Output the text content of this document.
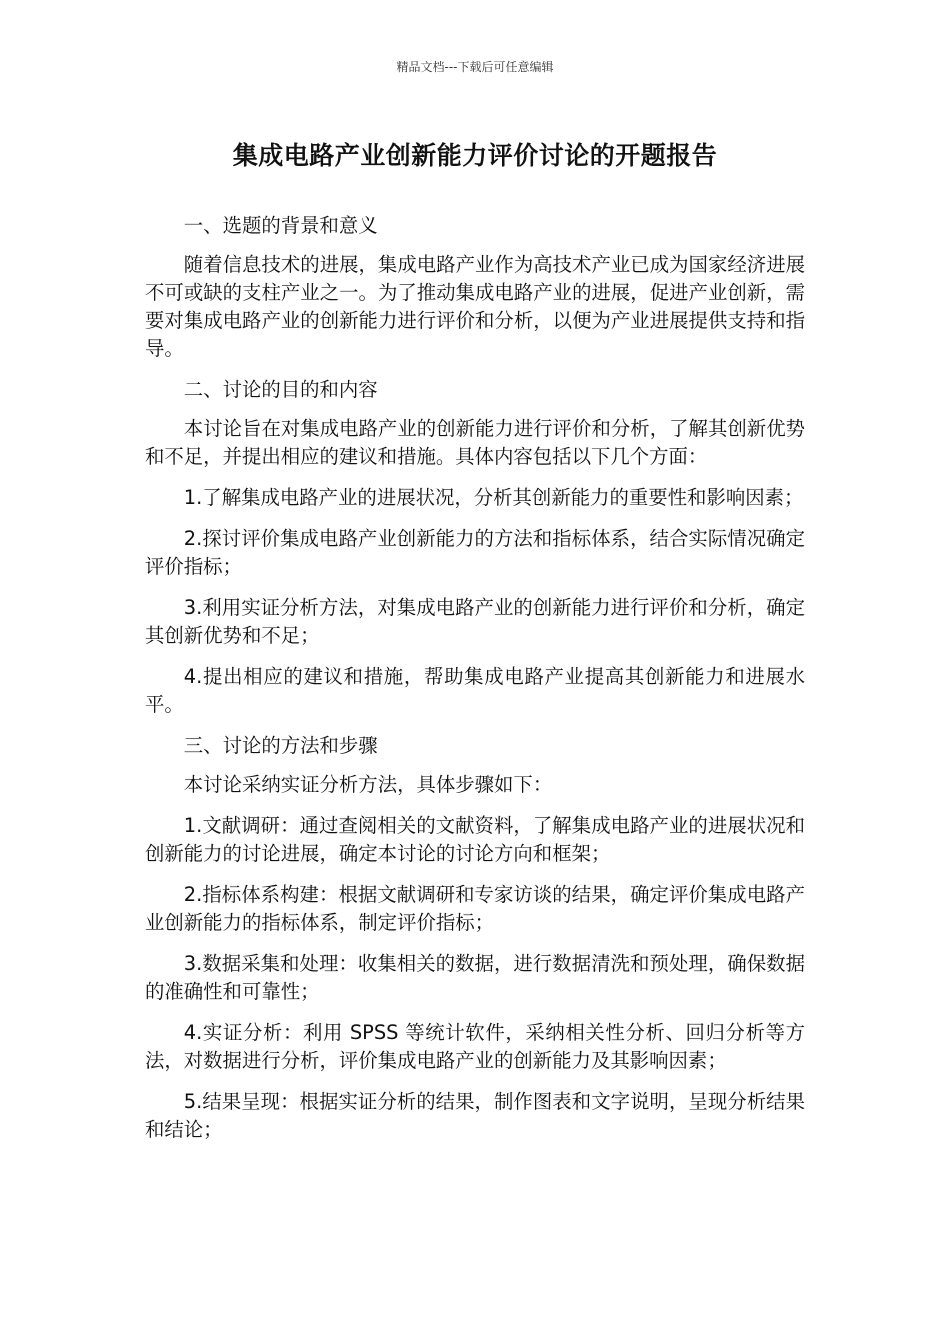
精品文档---下载后可任意编辑
集成电路产业创新能力评价讨论的开题报告

一、选题的背景和意义

随着信息技术的进展，集成电路产业作为高技术产业已成为国家经济进展不可或缺的支柱产业之一。为了推动集成电路产业的进展，促进产业创新，需要对集成电路产业的创新能力进行评价和分析，以便为产业进展提供支持和指导。

二、讨论的目的和内容

本讨论旨在对集成电路产业的创新能力进行评价和分析，了解其创新优势和不足，并提出相应的建议和措施。具体内容包括以下几个方面：

1.了解集成电路产业的进展状况，分析其创新能力的重要性和影响因素；

2.探讨评价集成电路产业创新能力的方法和指标体系，结合实际情况确定评价指标；

3.利用实证分析方法，对集成电路产业的创新能力进行评价和分析，确定其创新优势和不足；

4.提出相应的建议和措施，帮助集成电路产业提高其创新能力和进展水平。

三、讨论的方法和步骤

本讨论采纳实证分析方法，具体步骤如下：

1.文献调研：通过查阅相关的文献资料，了解集成电路产业的进展状况和创新能力的讨论进展，确定本讨论的讨论方向和框架；

2.指标体系构建：根据文献调研和专家访谈的结果，确定评价集成电路产业创新能力的指标体系，制定评价指标；

3.数据采集和处理：收集相关的数据，进行数据清洗和预处理，确保数据的准确性和可靠性；

4.实证分析：利用 SPSS 等统计软件，采纳相关性分析、回归分析等方法，对数据进行分析，评价集成电路产业的创新能力及其影响因素；

5.结果呈现：根据实证分析的结果，制作图表和文字说明，呈现分析结果和结论；
